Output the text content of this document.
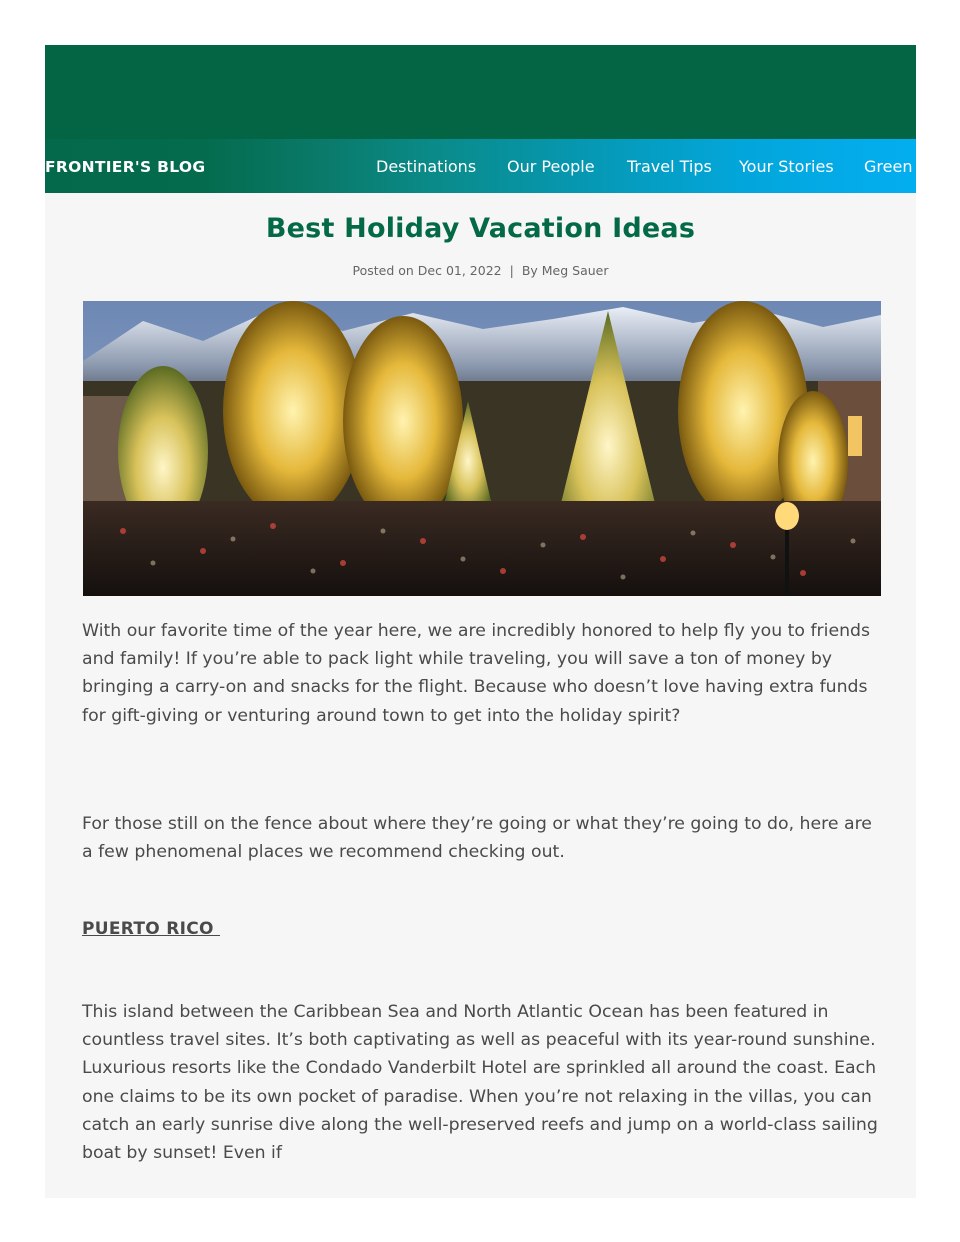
FRONTIER'S BLOG	Destinations Our People Travel Tips Your Stories Green
Best Holiday Vacation Ideas
Posted on Dec 01, 2022 | By Meg Sauer

With our favorite time of the year here, we are incredibly honored to help fly you to friends and family! If you’re able to pack light while traveling, you will save a ton of money by bringing a carry-on and snacks for the flight. Because who doesn’t love having extra funds for gift-giving or venturing around town to get into the holiday spirit?

For those still on the fence about where they’re going or what they’re going to do, here are a few phenomenal places we recommend checking out.

PUERTO RICO

This island between the Caribbean Sea and North Atlantic Ocean has been featured in countless travel sites. It’s both captivating as well as peaceful with its year-round sunshine. Luxurious resorts like the Condado Vanderbilt Hotel are sprinkled all around the coast. Each one claims to be its own pocket of paradise. When you’re not relaxing in the villas, you can catch an early sunrise dive along the well-preserved reefs and jump on a world-class sailing boat by sunset! Even if
